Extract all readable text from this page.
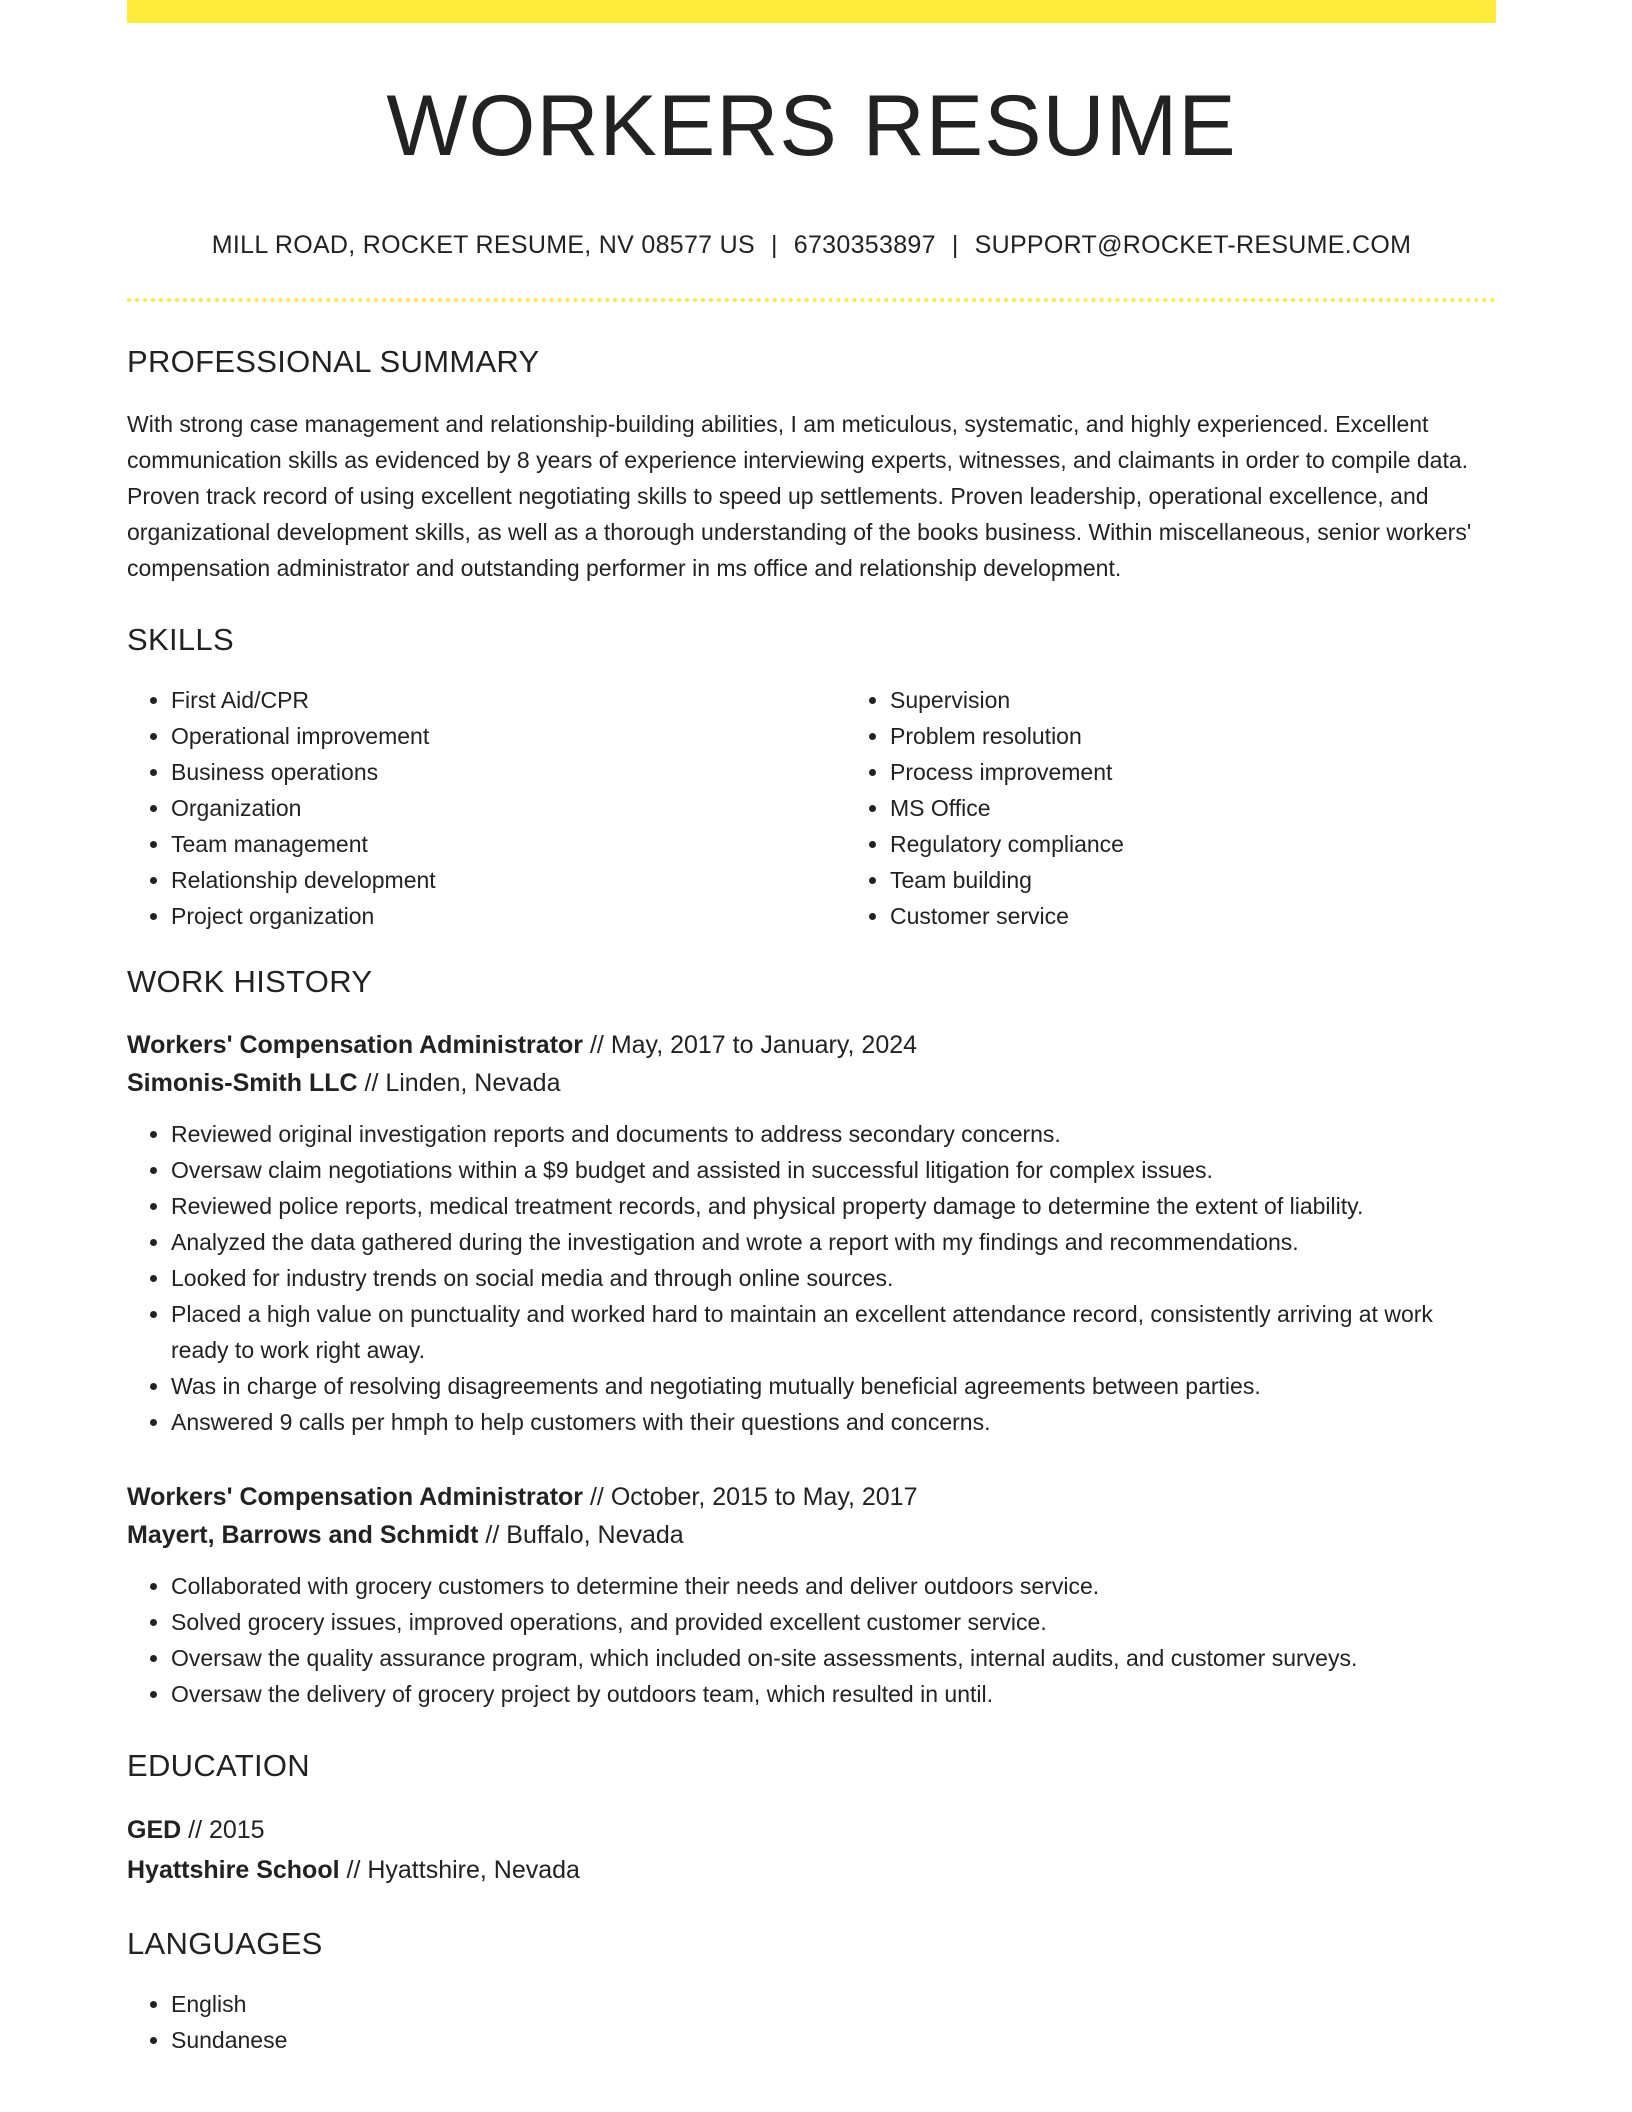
WORKERS RESUME
MILL ROAD, ROCKET RESUME, NV 08577 US | 6730353897 | SUPPORT@ROCKET-RESUME.COM
PROFESSIONAL SUMMARY
With strong case management and relationship-building abilities, I am meticulous, systematic, and highly experienced. Excellent communication skills as evidenced by 8 years of experience interviewing experts, witnesses, and claimants in order to compile data. Proven track record of using excellent negotiating skills to speed up settlements. Proven leadership, operational excellence, and organizational development skills, as well as a thorough understanding of the books business. Within miscellaneous, senior workers' compensation administrator and outstanding performer in ms office and relationship development.
SKILLS
• First Aid/CPR
• Operational improvement
• Business operations
• Organization
• Team management
• Relationship development
• Project organization
• Supervision
• Problem resolution
• Process improvement
• MS Office
• Regulatory compliance
• Team building
• Customer service
WORK HISTORY
Workers' Compensation Administrator // May, 2017 to January, 2024
Simonis-Smith LLC // Linden, Nevada
• Reviewed original investigation reports and documents to address secondary concerns.
• Oversaw claim negotiations within a $9 budget and assisted in successful litigation for complex issues.
• Reviewed police reports, medical treatment records, and physical property damage to determine the extent of liability.
• Analyzed the data gathered during the investigation and wrote a report with my findings and recommendations.
• Looked for industry trends on social media and through online sources.
• Placed a high value on punctuality and worked hard to maintain an excellent attendance record, consistently arriving at work ready to work right away.
• Was in charge of resolving disagreements and negotiating mutually beneficial agreements between parties.
• Answered 9 calls per hmph to help customers with their questions and concerns.
Workers' Compensation Administrator // October, 2015 to May, 2017
Mayert, Barrows and Schmidt // Buffalo, Nevada
• Collaborated with grocery customers to determine their needs and deliver outdoors service.
• Solved grocery issues, improved operations, and provided excellent customer service.
• Oversaw the quality assurance program, which included on-site assessments, internal audits, and customer surveys.
• Oversaw the delivery of grocery project by outdoors team, which resulted in until.
EDUCATION
GED // 2015
Hyattshire School // Hyattshire, Nevada
LANGUAGES
• English
• Sundanese
